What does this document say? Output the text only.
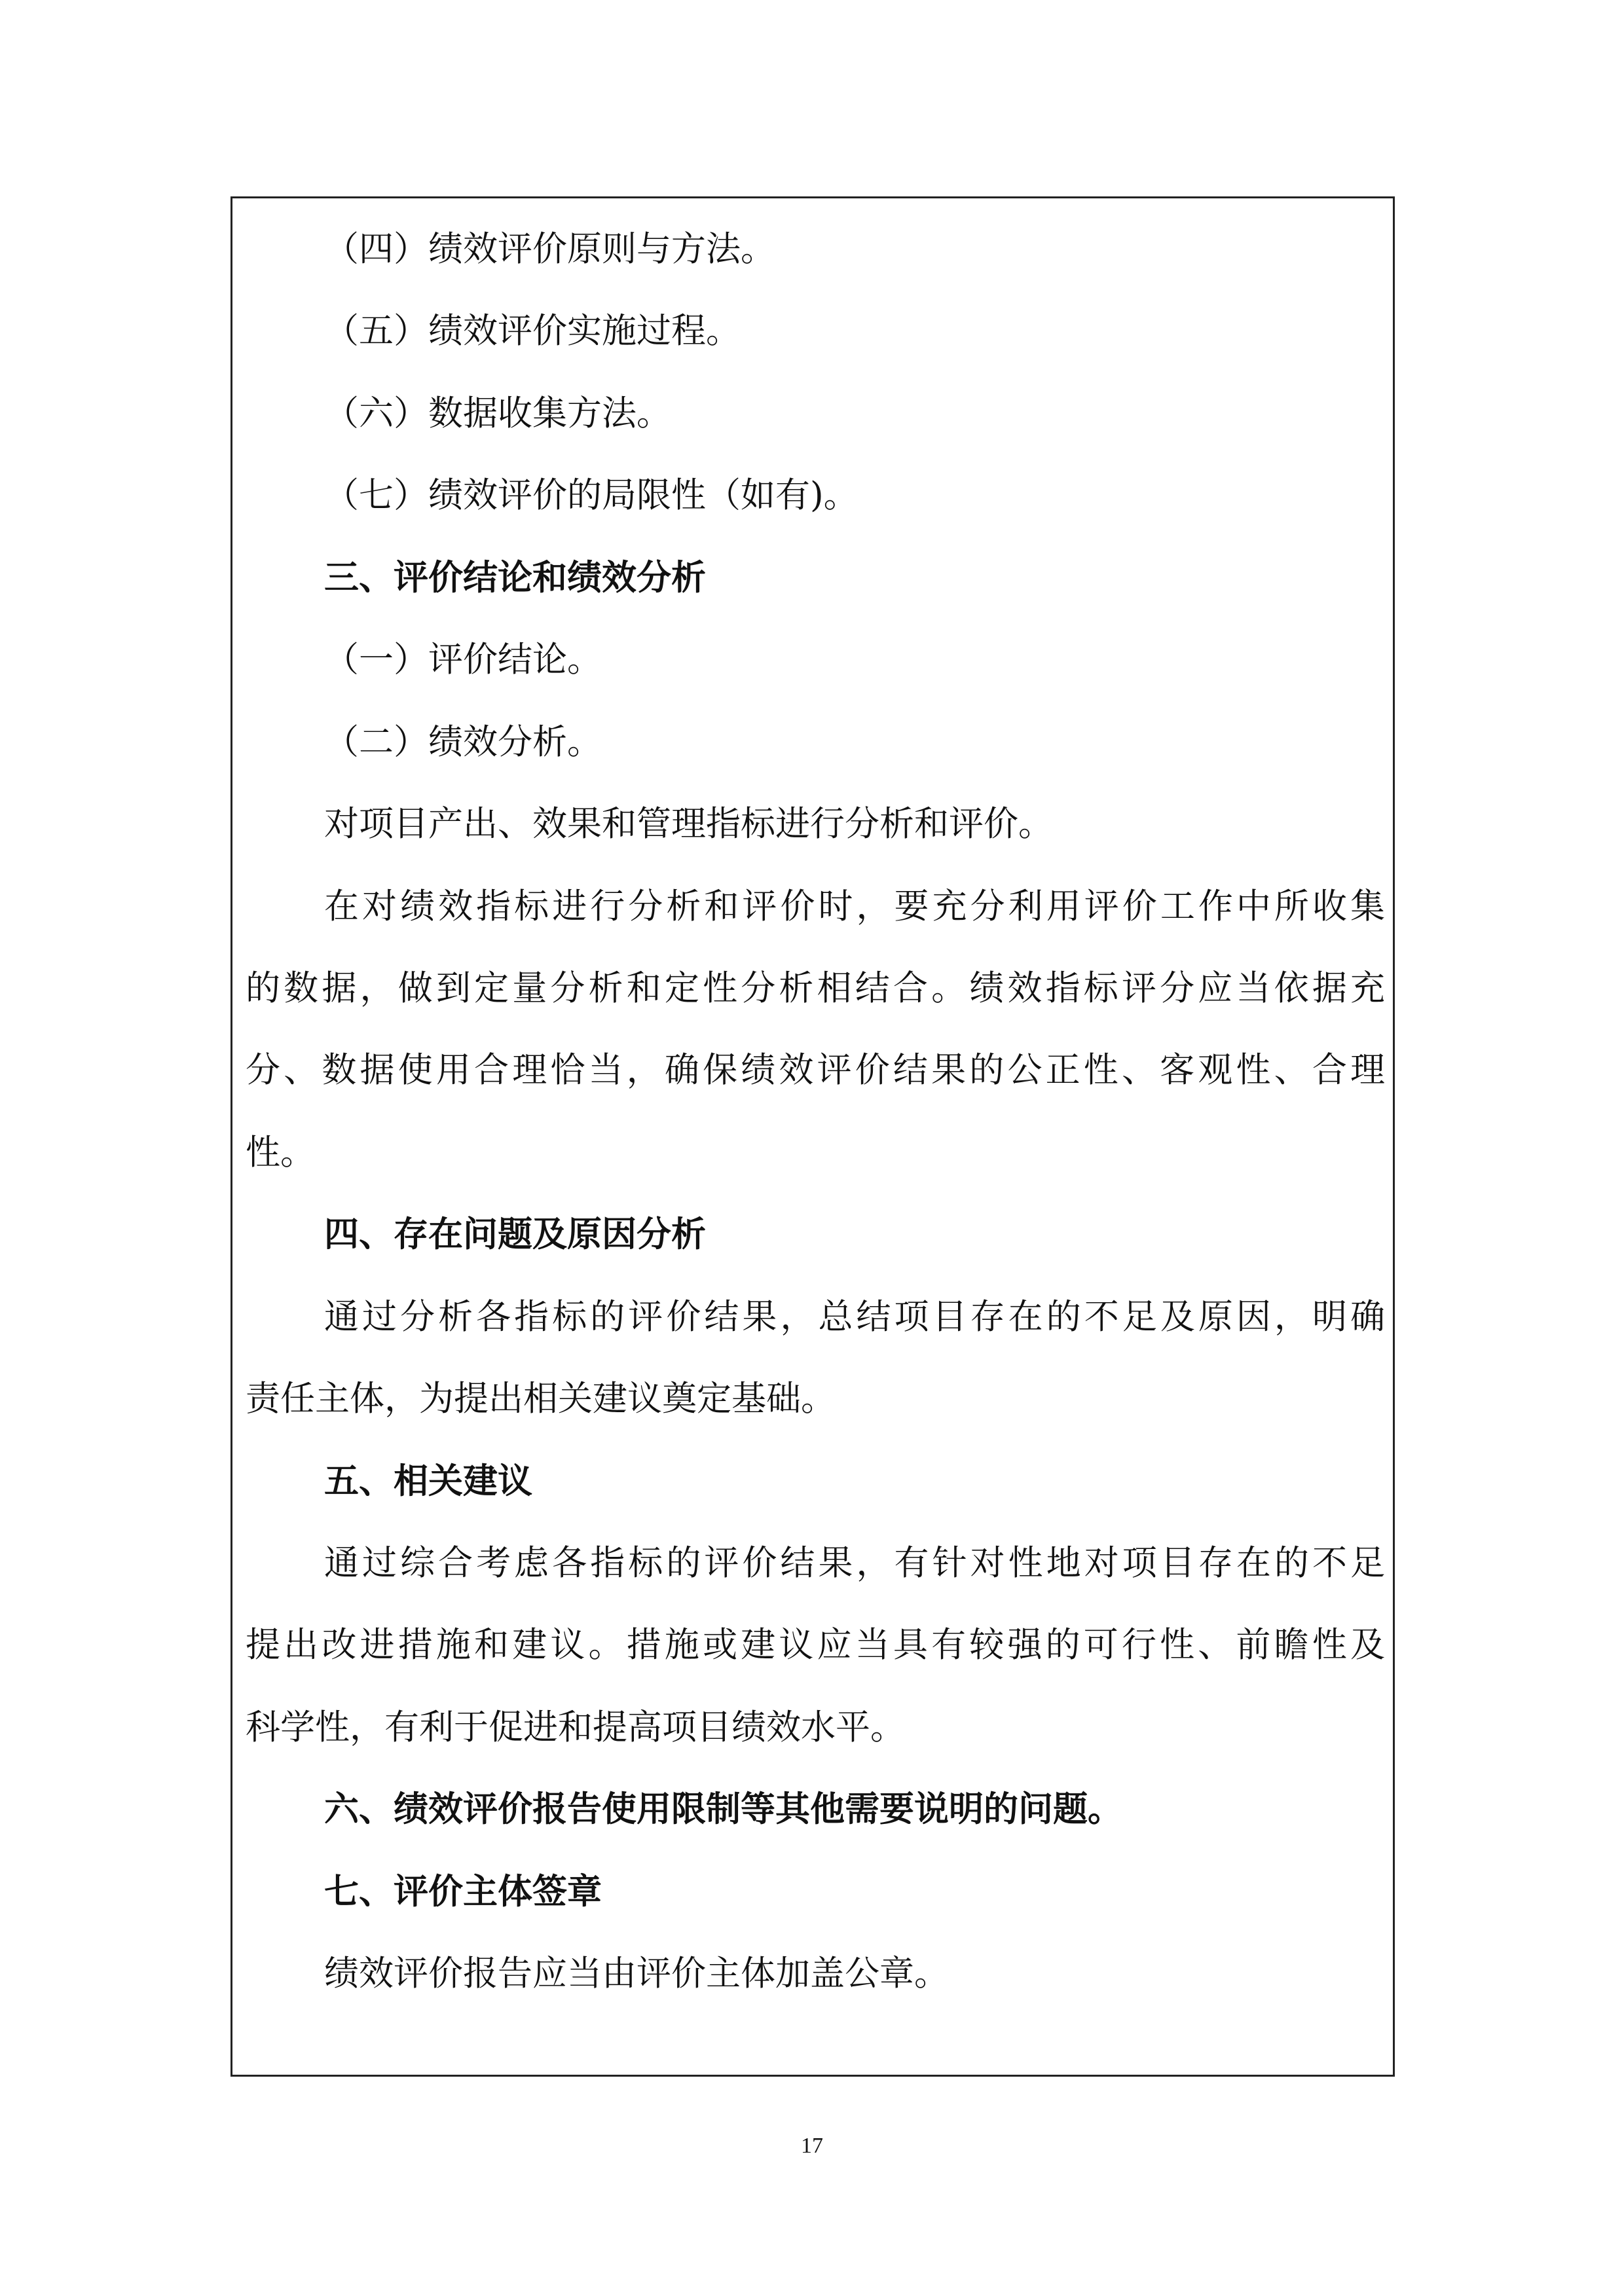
（四）绩效评价原则与方法。

（五）绩效评价实施过程。

（六）数据收集方法。

（七）绩效评价的局限性（如有)。

三、评价结论和绩效分析

（一）评价结论。

（二）绩效分析。

对项目产出、效果和管理指标进行分析和评价。

在对绩效指标进行分析和评价时，要充分利用评价工作中所收集

的数据，做到定量分析和定性分析相结合。绩效指标评分应当依据充

分、数据使用合理恰当，确保绩效评价结果的公正性、客观性、合理

性。

四、存在问题及原因分析

通过分析各指标的评价结果，总结项目存在的不足及原因，明确

责任主体，为提出相关建议奠定基础。

五、相关建议

通过综合考虑各指标的评价结果，有针对性地对项目存在的不足

提出改进措施和建议。措施或建议应当具有较强的可行性、前瞻性及

科学性，有利于促进和提高项目绩效水平。

六、绩效评价报告使用限制等其他需要说明的问题。

七、评价主体签章

绩效评价报告应当由评价主体加盖公章。

17
